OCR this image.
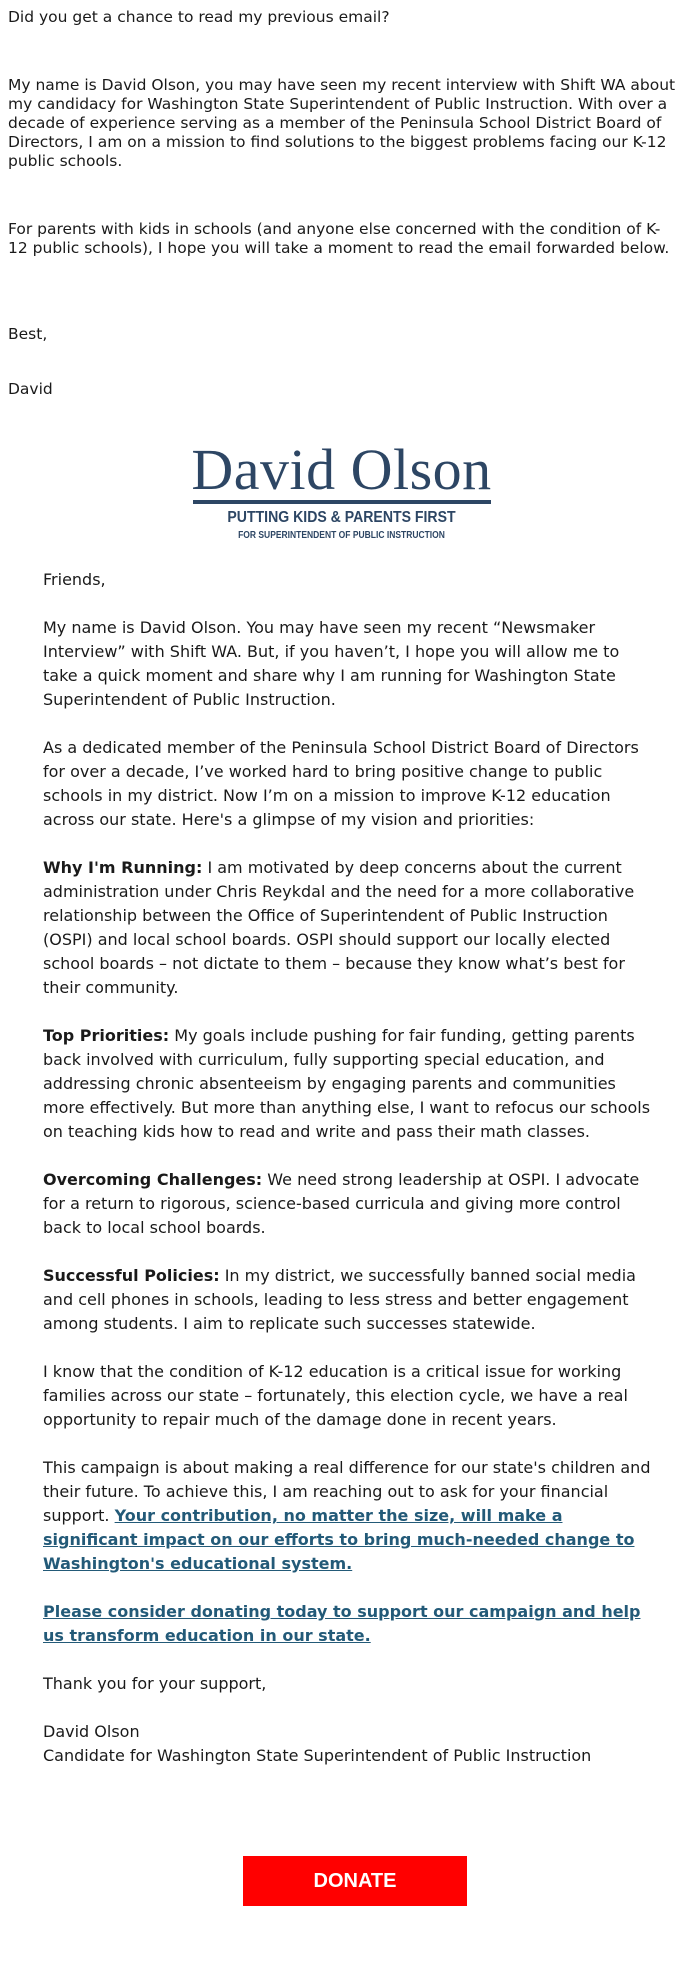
Did you get a chance to read my previous email?

My name is David Olson, you may have seen my recent interview with Shift WA about my candidacy for Washington State Superintendent of Public Instruction. With over a decade of experience serving as a member of the Peninsula School District Board of Directors, I am on a mission to find solutions to the biggest problems facing our K-12 public schools.

For parents with kids in schools (and anyone else concerned with the condition of K-12 public schools), I hope you will take a moment to read the email forwarded below.

Best,

David

David Olson
PUTTING KIDS & PARENTS FIRST
FOR SUPERINTENDENT OF PUBLIC INSTRUCTION

Friends,

My name is David Olson. You may have seen my recent “Newsmaker Interview” with Shift WA. But, if you haven’t, I hope you will allow me to take a quick moment and share why I am running for Washington State Superintendent of Public Instruction.

As a dedicated member of the Peninsula School District Board of Directors for over a decade, I’ve worked hard to bring positive change to public schools in my district. Now I’m on a mission to improve K-12 education across our state. Here's a glimpse of my vision and priorities:

Why I'm Running: I am motivated by deep concerns about the current administration under Chris Reykdal and the need for a more collaborative relationship between the Office of Superintendent of Public Instruction (OSPI) and local school boards. OSPI should support our locally elected school boards – not dictate to them – because they know what’s best for their community.

Top Priorities: My goals include pushing for fair funding, getting parents back involved with curriculum, fully supporting special education, and addressing chronic absenteeism by engaging parents and communities more effectively. But more than anything else, I want to refocus our schools on teaching kids how to read and write and pass their math classes.

Overcoming Challenges: We need strong leadership at OSPI. I advocate for a return to rigorous, science-based curricula and giving more control back to local school boards.

Successful Policies: In my district, we successfully banned social media and cell phones in schools, leading to less stress and better engagement among students. I aim to replicate such successes statewide.

I know that the condition of K-12 education is a critical issue for working families across our state – fortunately, this election cycle, we have a real opportunity to repair much of the damage done in recent years.

This campaign is about making a real difference for our state's children and their future. To achieve this, I am reaching out to ask for your financial support. Your contribution, no matter the size, will make a significant impact on our efforts to bring much-needed change to Washington's educational system.

Please consider donating today to support our campaign and help us transform education in our state.

Thank you for your support,

David Olson
Candidate for Washington State Superintendent of Public Instruction

DONATE
